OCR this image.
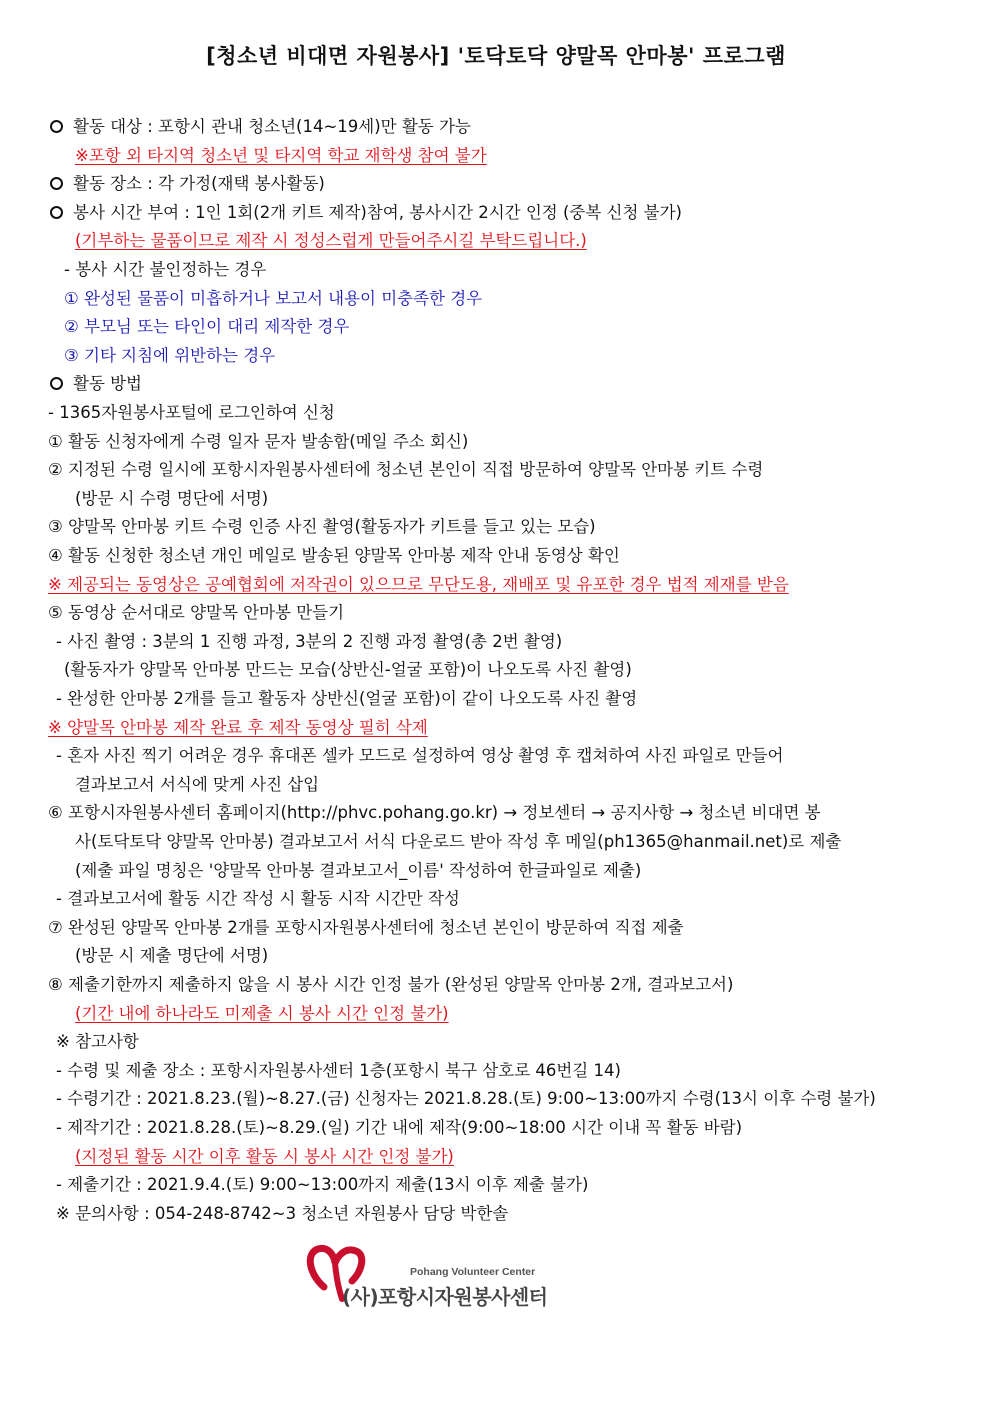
[청소년 비대면 자원봉사] '토닥토닥 양말목 안마봉' 프로그램
활동 대상 : 포항시 관내 청소년(14~19세)만 활동 가능
※포항 외 타지역 청소년 및 타지역 학교 재학생 참여 불가
활동 장소 : 각 가정(재택 봉사활동)
봉사 시간 부여 : 1인 1회(2개 키트 제작)참여, 봉사시간 2시간 인정 (중복 신청 불가)
(기부하는 물품이므로 제작 시 정성스럽게 만들어주시길 부탁드립니다.)
- 봉사 시간 불인정하는 경우
① 완성된 물품이 미흡하거나 보고서 내용이 미충족한 경우
② 부모님 또는 타인이 대리 제작한 경우
③ 기타 지침에 위반하는 경우
활동 방법
- 1365자원봉사포털에 로그인하여 신청
① 활동 신청자에게 수령 일자 문자 발송함(메일 주소 회신)
② 지정된 수령 일시에 포항시자원봉사센터에 청소년 본인이 직접 방문하여 양말목 안마봉 키트 수령
(방문 시 수령 명단에 서명)
③ 양말목 안마봉 키트 수령 인증 사진 촬영(활동자가 키트를 들고 있는 모습)
④ 활동 신청한 청소년 개인 메일로 발송된 양말목 안마봉 제작 안내 동영상 확인
※ 제공되는 동영상은 공예협회에 저작권이 있으므로 무단도용, 재배포 및 유포한 경우 법적 제재를 받음
⑤ 동영상 순서대로 양말목 안마봉 만들기
- 사진 촬영 : 3분의 1 진행 과정, 3분의 2 진행 과정 촬영(총 2번 촬영)
(활동자가 양말목 안마봉 만드는 모습(상반신-얼굴 포함)이 나오도록 사진 촬영)
- 완성한 안마봉 2개를 들고 활동자 상반신(얼굴 포함)이 같이 나오도록 사진 촬영
※ 양말목 안마봉 제작 완료 후 제작 동영상 필히 삭제
- 혼자 사진 찍기 어려운 경우 휴대폰 셀카 모드로 설정하여 영상 촬영 후 캡쳐하여 사진 파일로 만들어
결과보고서 서식에 맞게 사진 삽입
⑥ 포항시자원봉사센터 홈페이지(http://phvc.pohang.go.kr) → 정보센터 → 공지사항 → 청소년 비대면 봉
사(토닥토닥 양말목 안마봉) 결과보고서 서식 다운로드 받아 작성 후 메일(ph1365@hanmail.net)로 제출
(제출 파일 명칭은 '양말목 안마봉 결과보고서_이름' 작성하여 한글파일로 제출)
- 결과보고서에 활동 시간 작성 시 활동 시작 시간만 작성
⑦ 완성된 양말목 안마봉 2개를 포항시자원봉사센터에 청소년 본인이 방문하여 직접 제출
(방문 시 제출 명단에 서명)
⑧ 제출기한까지 제출하지 않을 시 봉사 시간 인정 불가 (완성된 양말목 안마봉 2개, 결과보고서)
(기간 내에 하나라도 미제출 시 봉사 시간 인정 불가)
※ 참고사항
- 수령 및 제출 장소 : 포항시자원봉사센터 1층(포항시 북구 삼호로 46번길 14)
- 수령기간 : 2021.8.23.(월)~8.27.(금) 신청자는 2021.8.28.(토) 9:00~13:00까지 수령(13시 이후 수령 불가)
- 제작기간 : 2021.8.28.(토)~8.29.(일) 기간 내에 제작(9:00~18:00 시간 이내 꼭 활동 바람)
(지정된 활동 시간 이후 활동 시 봉사 시간 인정 불가)
- 제출기간 : 2021.9.4.(토) 9:00~13:00까지 제출(13시 이후 제출 불가)
※ 문의사항 : 054-248-8742~3 청소년 자원봉사 담당 박한솔
Pohang Volunteer Center
(사)포항시자원봉사센터
